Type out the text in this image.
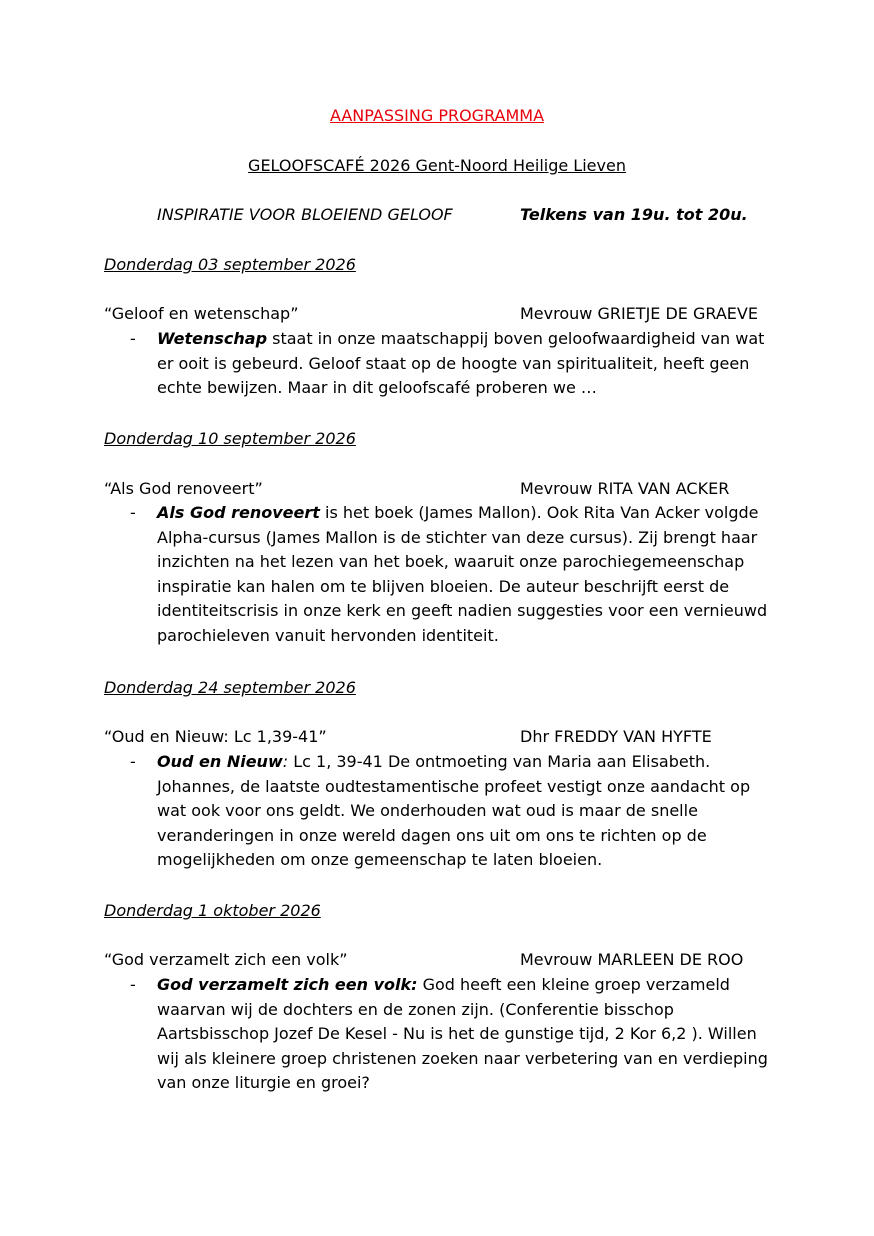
AANPASSING PROGRAMMA
GELOOFSCAFÉ 2026 Gent-Noord Heilige Lieven
INSPIRATIE VOOR BLOEIEND GELOOF	Telkens van 19u. tot 20u.
Donderdag 03 september 2026
“Geloof en wetenschap”	Mevrouw GRIETJE DE GRAEVE
- Wetenschap staat in onze maatschappij boven geloofwaardigheid van wat er ooit is gebeurd. Geloof staat op de hoogte van spiritualiteit, heeft geen echte bewijzen. Maar in dit geloofscafé proberen we …
Donderdag 10 september 2026
“Als God renoveert”	Mevrouw RITA VAN ACKER
- Als God renoveert is het boek (James Mallon). Ook Rita Van Acker volgde Alpha-cursus (James Mallon is de stichter van deze cursus). Zij brengt haar inzichten na het lezen van het boek, waaruit onze parochiegemeenschap inspiratie kan halen om te blijven bloeien. De auteur beschrijft eerst de identiteitscrisis in onze kerk en geeft nadien suggesties voor een vernieuwd parochieleven vanuit hervonden identiteit.
Donderdag 24 september 2026
“Oud en Nieuw: Lc 1,39-41”	Dhr FREDDY VAN HYFTE
- Oud en Nieuw: Lc 1, 39-41 De ontmoeting van Maria aan Elisabeth. Johannes, de laatste oudtestamentische profeet vestigt onze aandacht op wat ook voor ons geldt. We onderhouden wat oud is maar de snelle veranderingen in onze wereld dagen ons uit om ons te richten op de mogelijkheden om onze gemeenschap te laten bloeien.
Donderdag 1 oktober 2026
“God verzamelt zich een volk”	Mevrouw MARLEEN DE ROO
- God verzamelt zich een volk: God heeft een kleine groep verzameld waarvan wij de dochters en de zonen zijn. (Conferentie bisschop Aartsbisschop Jozef De Kesel - Nu is het de gunstige tijd, 2 Kor 6,2 ). Willen wij als kleinere groep christenen zoeken naar verbetering van en verdieping van onze liturgie en groei?
